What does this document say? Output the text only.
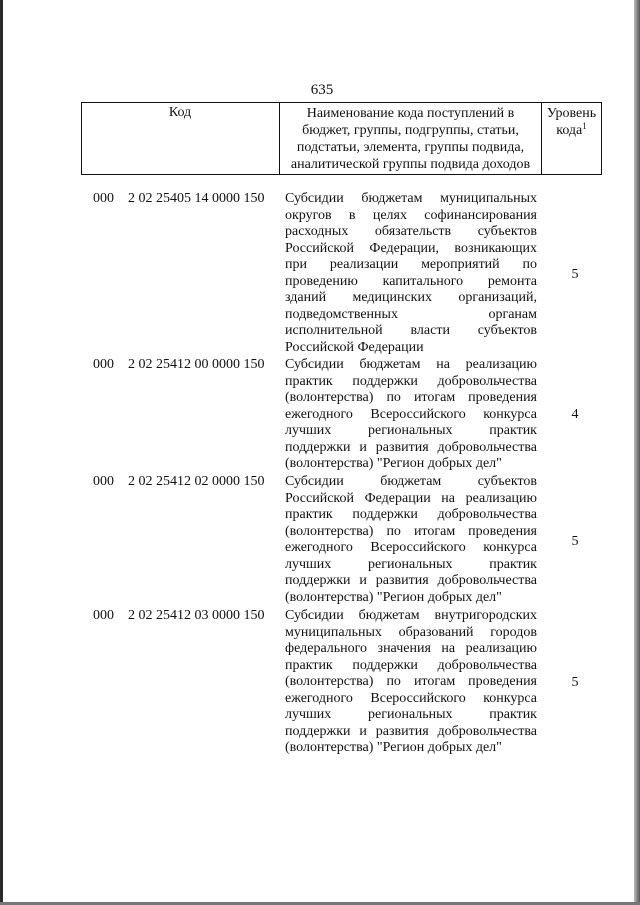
635
Код	Наименование кода поступлений в
бюджет, группы, подгруппы, статьи,
подстатьи, элемента, группы подвида,
аналитической группы подвида доходов
Уровень
кода$^1$
000 2 02 25405 14 0000 150 Субсидии бюджетам муниципальных
округов в целях софинансирования
расходных обязательств субъектов
Российской Федерации, возникающих
при реализации мероприятий по
проведению капитального ремонта
зданий медицинских организаций,
подведомственных органам
исполнительной власти субъектов
Российской Федерации
5
000 2 02 25412 00 0000 150 Субсидии бюджетам на реализацию
практик поддержки добровольчества
(волонтерства) по итогам проведения
ежегодного Всероссийского конкурса
лучших региональных практик
поддержки и развития добровольчества
(волонтерства) "Регион добрых дел"
4
000 2 02 25412 02 0000 150 Субсидии бюджетам субъектов
Российской Федерации на реализацию
практик поддержки добровольчества
(волонтерства) по итогам проведения
ежегодного Всероссийского конкурса
лучших региональных практик
поддержки и развития добровольчества
(волонтерства) "Регион добрых дел"
5
000 2 02 25412 03 0000 150 Субсидии бюджетам внутригородских
муниципальных образований городов
федерального значения на реализацию
практик поддержки добровольчества
(волонтерства) по итогам проведения
ежегодного Всероссийского конкурса
лучших региональных практик
поддержки и развития добровольчества
(волонтерства) "Регион добрых дел"
5
